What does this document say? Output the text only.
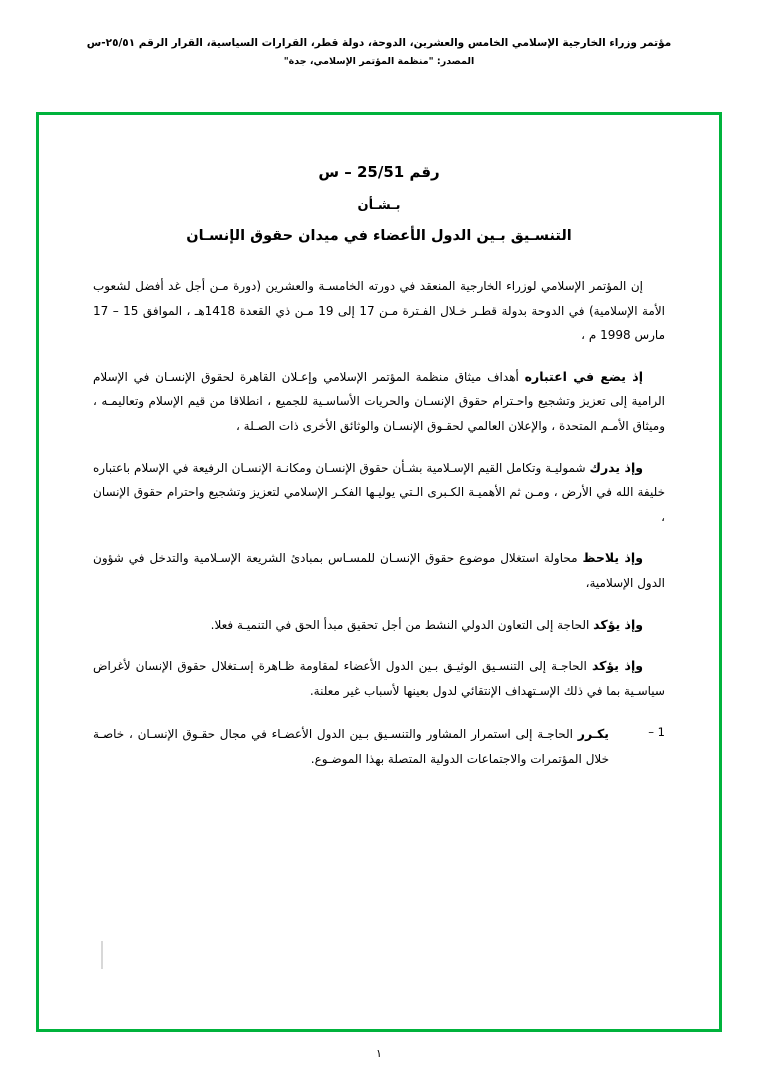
مؤتمر وزراء الخارجية الإسلامي الخامس والعشرين، الدوحة، دولة قطر، القرارات السياسية، القرار الرقم ٢٥/٥١-س
المصدر: "منظمة المؤتمر الإسلامي، جدة"
رقم 25/51 – س
بـشـأن
التنسـيق بـين الدول الأعضاء في ميدان حقوق الإنسـان

إن المؤتمر الإسلامي لوزراء الخارجية المنعقد في دورته الخامسـة والعشرين (دورة مـن أجل غد أفضل لشعوب الأمة الإسلامية) في الدوحة بدولة قطـر خـلال الفـترة مـن 17 إلى 19 مـن ذي القعدة 1418هـ ، الموافق 15 – 17 مارس 1998 م ،

إذ يضع في اعتباره أهداف ميثاق منظمة المؤتمر الإسلامي وإعـلان القاهرة لحقوق الإنسـان في الإسلام الرامية إلى تعزيز وتشجيع واحـترام حقوق الإنسـان والحريات الأساسـية للجميع ، انطلاقا من قيم الإسلام وتعاليمـه ، وميثاق الأمـم المتحدة ، والإعلان العالمي لحقـوق الإنسـان والوثائق الأخرى ذات الصـلة ،

وإذ يدرك شموليـة وتكامل القيم الإسـلامية بشـأن حقوق الإنسـان ومكانـة الإنسـان الرفيعة في الإسلام باعتباره خليفة الله في الأرض ، ومـن ثم الأهميـة الكـبرى الـتي يوليـها الفكـر الإسلامي لتعزيز وتشجيع واحترام حقوق الإنسان ،

وإذ يلاحظ محاولة استغلال موضوع حقوق الإنسـان للمسـاس بمبادئ الشريعة الإسـلامية والتدخل في شؤون الدول الإسلامية،

وإذ يؤكد الحاجة إلى التعاون الدولي النشط من أجل تحقيق مبدأ الحق في التنميـة فعلا.

وإذ يؤكد الحاجـة إلى التنسـيق الوثيـق بـين الدول الأعضاء لمقاومة ظـاهرة إسـتغلال حقوق الإنسان لأغراض سياسـية بما في ذلك الإسـتهداف الإنتقائي لدول بعينها لأسباب غير معلنة.

1 –
يكـرر الحاجـة إلى استمرار المشاور والتنسـيق بـين الدول الأعضـاء في مجال حقـوق الإنسـان ، خاصـة خلال المؤتمرات والاجتماعات الدولية المتصلة بهذا الموضـوع.
١
